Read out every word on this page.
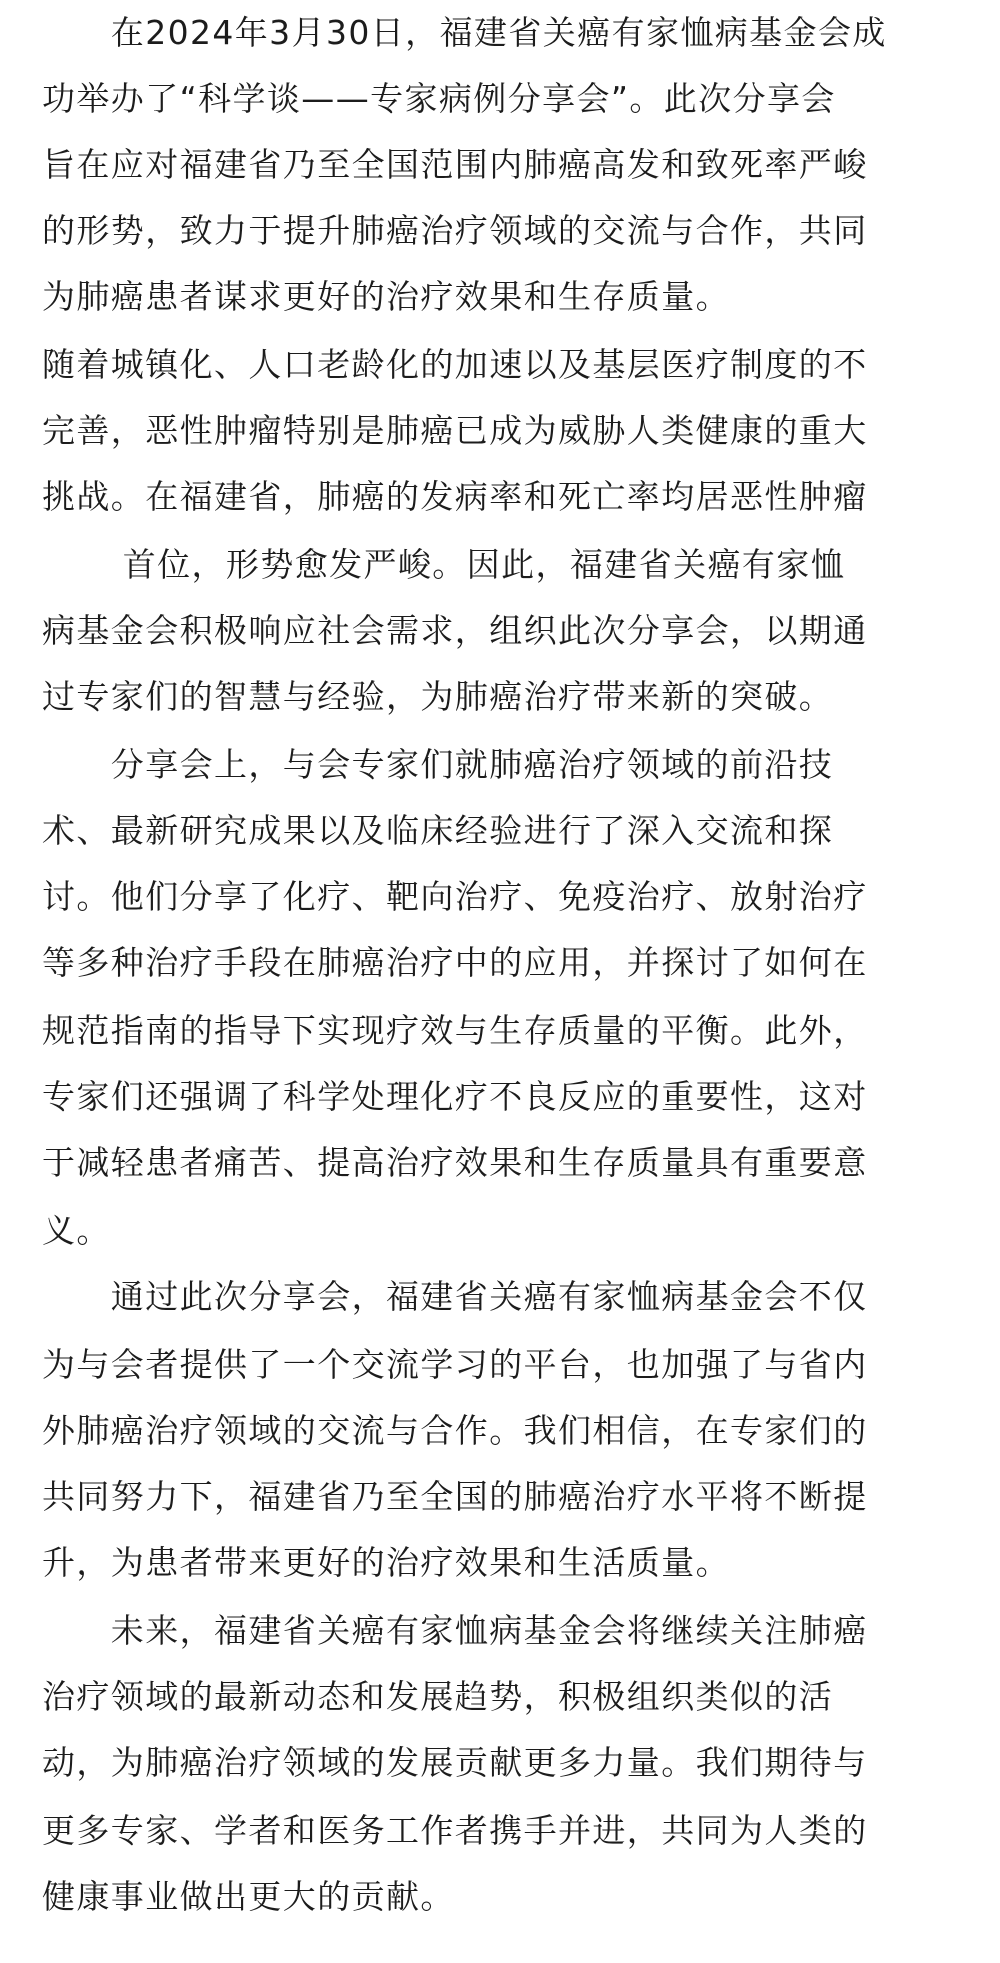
　　在2024年3月30日，福建省关癌有家恤病基金会成
功举办了“科学谈——专家病例分享会”。此次分享会
旨在应对福建省乃至全国范围内肺癌高发和致死率严峻
的形势，致力于提升肺癌治疗领域的交流与合作，共同
为肺癌患者谋求更好的治疗效果和生存质量。
随着城镇化、人口老龄化的加速以及基层医疗制度的不
完善，恶性肿瘤特别是肺癌已成为威胁人类健康的重大
挑战。在福建省，肺癌的发病率和死亡率均居恶性肿瘤
　　 首位，形势愈发严峻。因此，福建省关癌有家恤
病基金会积极响应社会需求，组织此次分享会，以期通
过专家们的智慧与经验，为肺癌治疗带来新的突破。
　　分享会上，与会专家们就肺癌治疗领域的前沿技
术、最新研究成果以及临床经验进行了深入交流和探
讨。他们分享了化疗、靶向治疗、免疫治疗、放射治疗
等多种治疗手段在肺癌治疗中的应用，并探讨了如何在
规范指南的指导下实现疗效与生存质量的平衡。此外，
专家们还强调了科学处理化疗不良反应的重要性，这对
于减轻患者痛苦、提高治疗效果和生存质量具有重要意
义。
　　通过此次分享会，福建省关癌有家恤病基金会不仅
为与会者提供了一个交流学习的平台，也加强了与省内
外肺癌治疗领域的交流与合作。我们相信，在专家们的
共同努力下，福建省乃至全国的肺癌治疗水平将不断提
升，为患者带来更好的治疗效果和生活质量。
　　未来，福建省关癌有家恤病基金会将继续关注肺癌
治疗领域的最新动态和发展趋势，积极组织类似的活
动，为肺癌治疗领域的发展贡献更多力量。我们期待与
更多专家、学者和医务工作者携手并进，共同为人类的
健康事业做出更大的贡献。
